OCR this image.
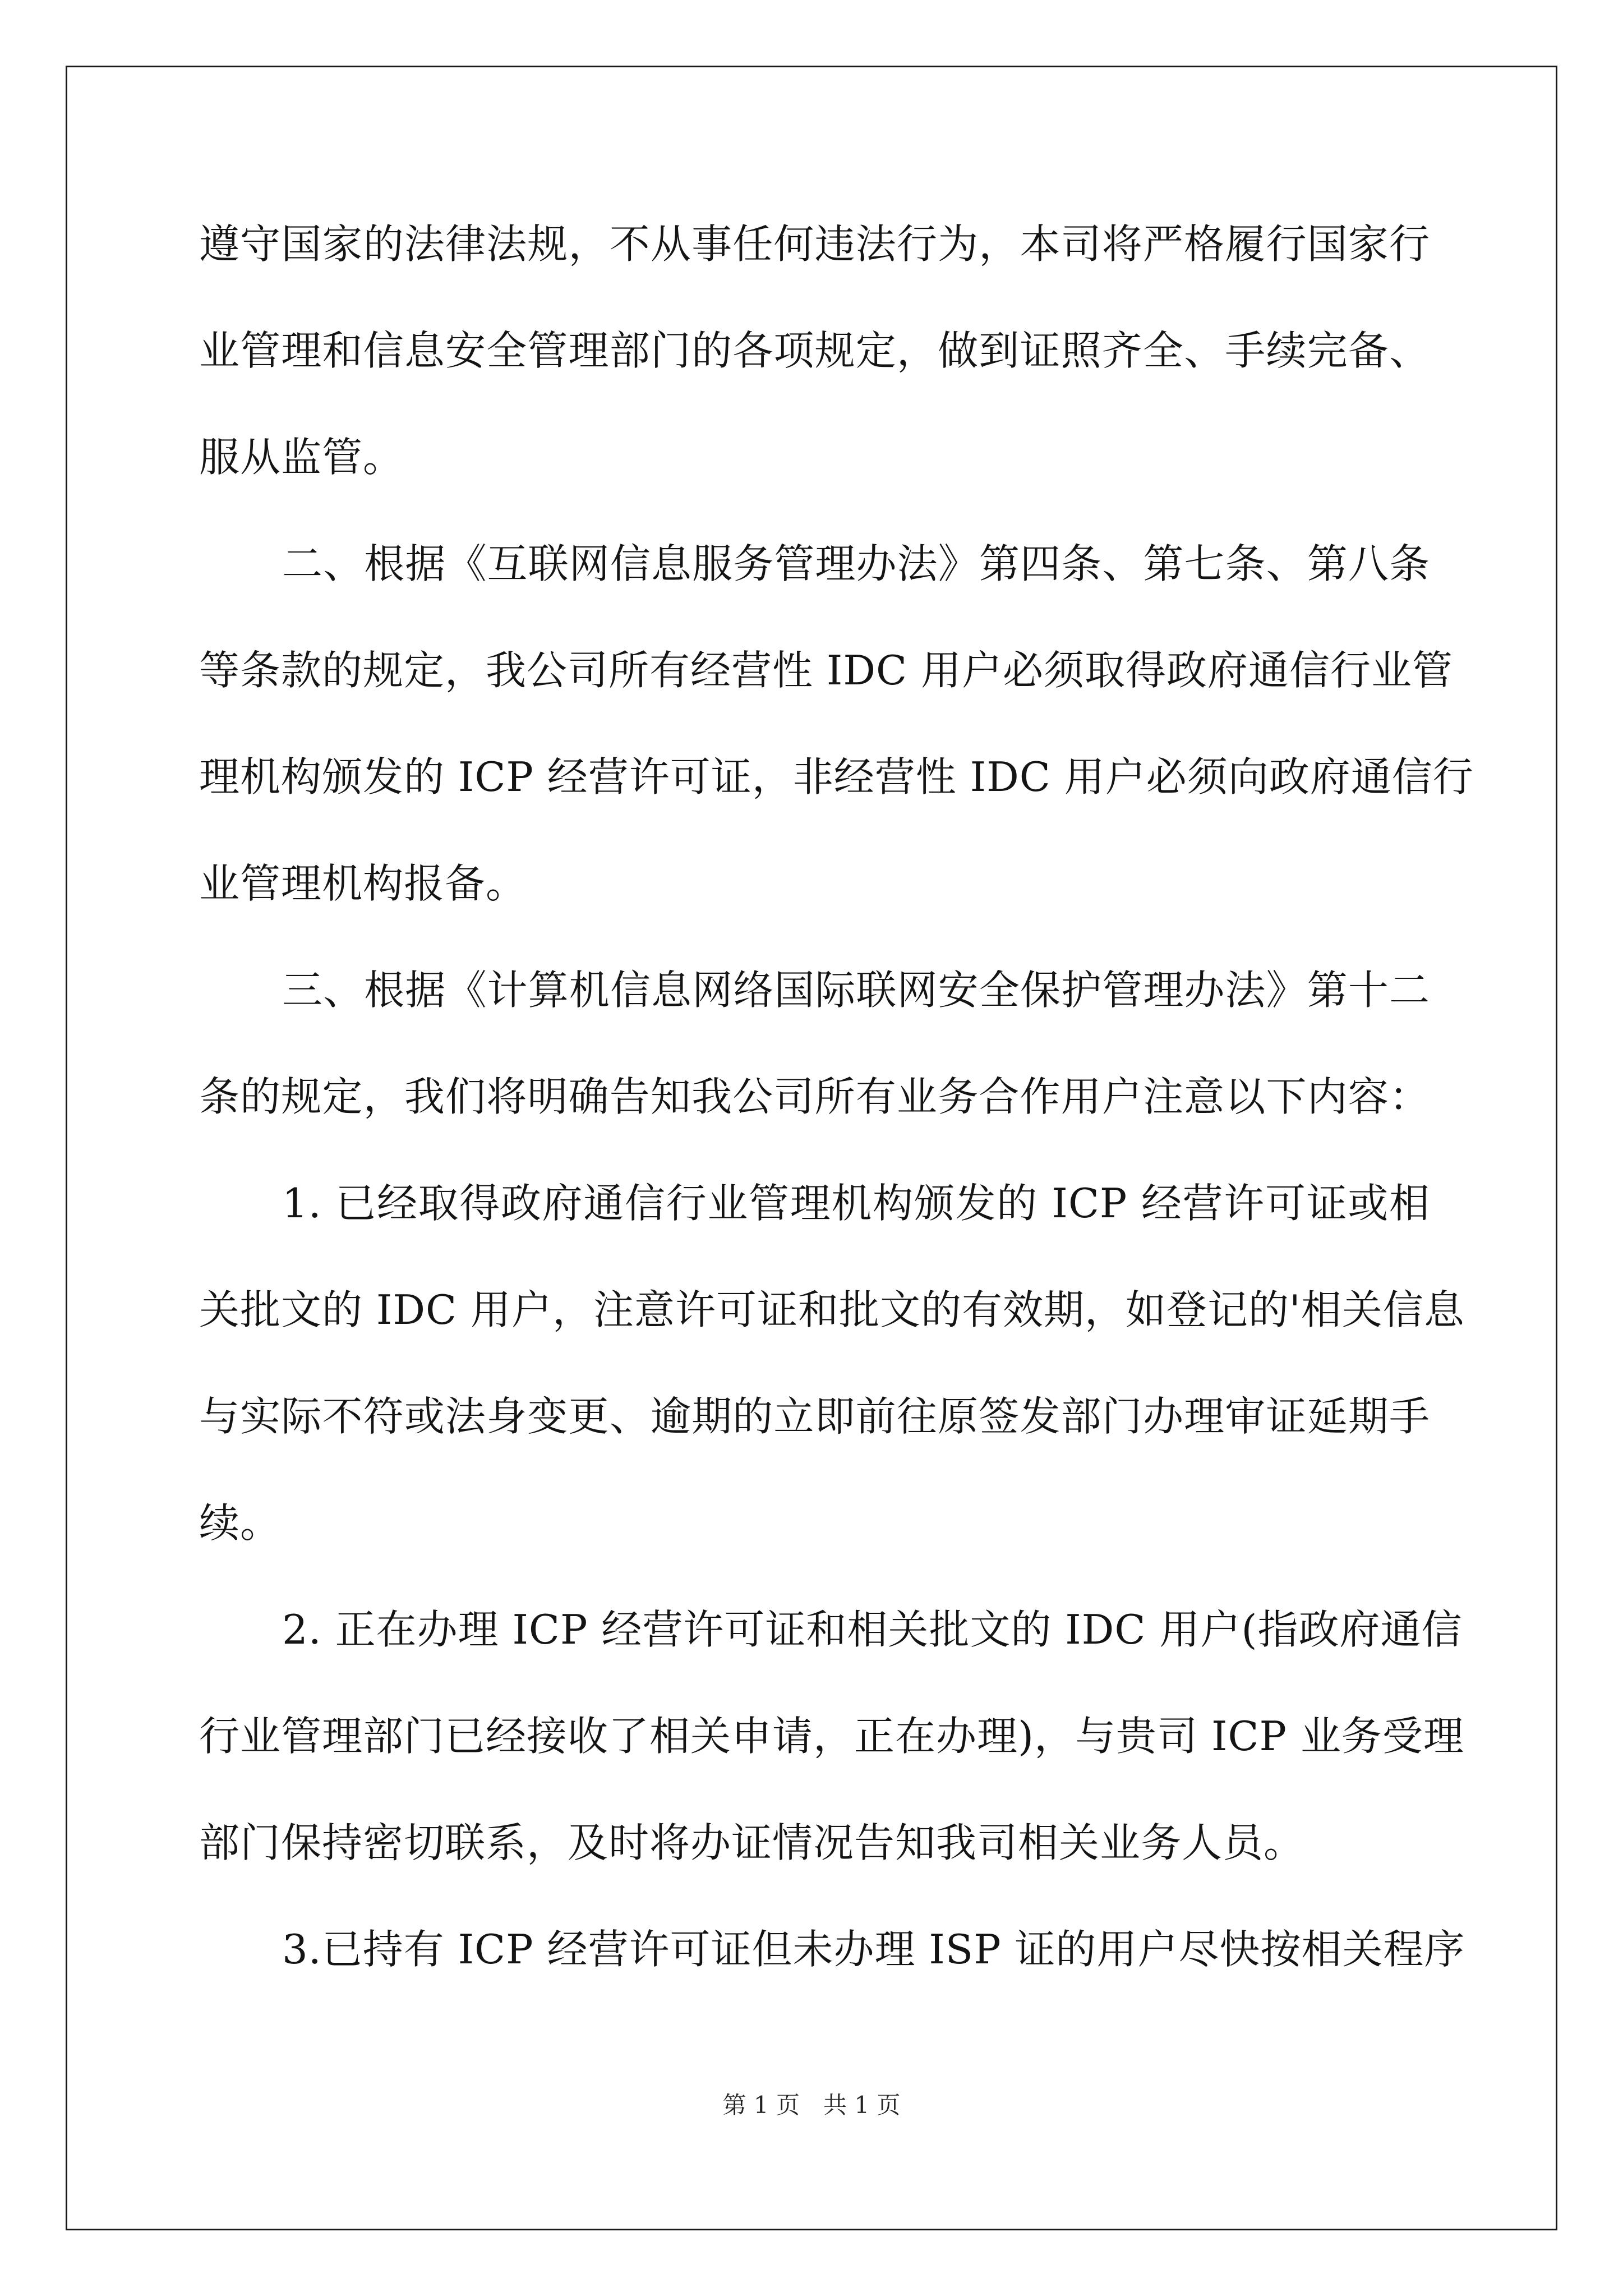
遵守国家的法律法规，不从事任何违法行为，本司将严格履行国家行
业管理和信息安全管理部门的各项规定，做到证照齐全、手续完备、
服从监管。
二、根据《互联网信息服务管理办法》第四条、第七条、第八条
等条款的规定，我公司所有经营性 IDC 用户必须取得政府通信行业管
理机构颁发的 ICP 经营许可证，非经营性 IDC 用户必须向政府通信行
业管理机构报备。
三、根据《计算机信息网络国际联网安全保护管理办法》第十二
条的规定，我们将明确告知我公司所有业务合作用户注意以下内容：
1. 已经取得政府通信行业管理机构颁发的 ICP 经营许可证或相
关批文的 IDC 用户，注意许可证和批文的有效期，如登记的'相关信息
与实际不符或法身变更、逾期的立即前往原签发部门办理审证延期手
续。
2. 正在办理 ICP 经营许可证和相关批文的 IDC 用户(指政府通信
行业管理部门已经接收了相关申请，正在办理)，与贵司 ICP 业务受理
部门保持密切联系，及时将办证情况告知我司相关业务人员。
3.已持有 ICP 经营许可证但未办理 ISP 证的用户尽快按相关程序
第 1 页　共 1 页
